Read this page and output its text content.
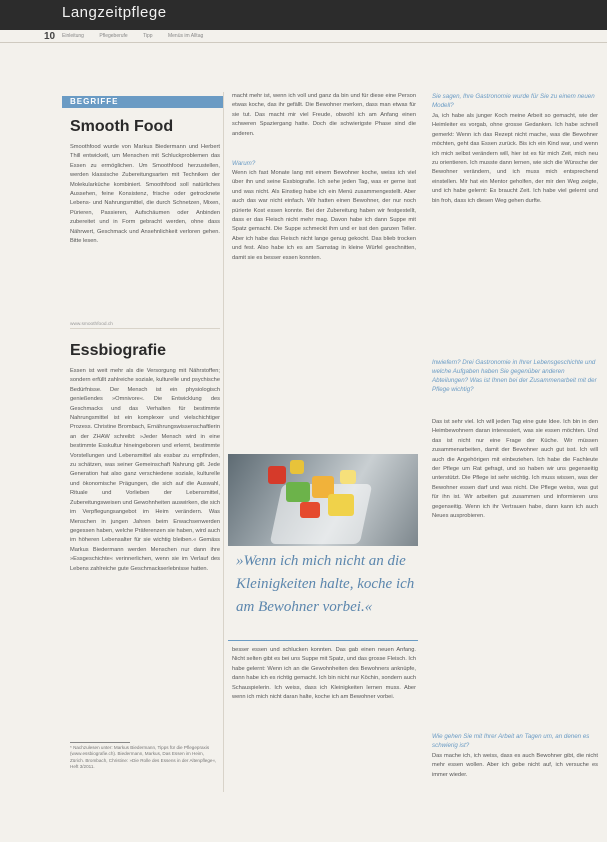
Langzeitpflege
10 Einleitung	Pflegeberufe	Tipp	Menüs im Alltag
BEGRIFFE
Smooth Food
Smoothfood wurde von Markus Biedermann und Herbert Thill entwickelt, um Menschen mit Schluckproblemen das Essen zu ermöglichen. Um Smoothfood herzustellen, werden klassische Zubereitungsarten mit Techniken der Molekularküche kombiniert. Smoothfood soll natürliches Aussehen, feine Konsistenz, frische oder getrocknete Lebens- und Nahrungsmittel, die durch Schnetzen, Mixen, Pürieren, Passieren, Aufschäumen oder Anbinden zubereitet und in Form gebracht werden, ohne dass Nährwert, Geschmack und Ansehnlichkeit verloren gehen. Bitte lesen.
www.smoothfood.ch
Essbiografie
Essen ist weit mehr als die Versorgung mit Nährstoffen; sondern erfüllt zahlreiche soziale, kulturelle und psychische Bedürfnisse. Der Mensch ist ein physiologisch genießendes »Omnivore«. Die Entwicklung des Geschmacks und das Verhalten für bestimmte Nahrungsmittel ist ein komplexer und vielschichtiger Prozess. Christine Brombach, Ernährungswissenschaftlerin an der ZHAW schreibt: »Jeder Mensch wird in eine bestimmte Esskultur hineingeboren und erlernt, bestimmte Vorstellungen und Lebensmittel als essbar zu empfinden, zu schätzen, was seiner Gemeinschaft Nahrung gilt. Jede Generation hat also ganz verschiedene soziale, kulturelle und ökonomische Prägungen, die sich auf die Auswahl, Rituale und Vorlieben der Lebensmittel, Zubereitungsweisen und Gewohnheiten auswirken, die sich im Verpflegungsangebot im Heim verändern. Was Menschen in jungen Jahren beim Erwachsenwerden gegessen haben, welche Präferenzen sie haben, wird auch im höheren Lebensalter für sie wichtig bleiben.« Gemäss Markus Biedermann werden Menschen nur dann ihre »Essgeschichte« verinnerlichen, wenn sie im Verlauf des Lebens zahlreiche gute Geschmackserlebnisse hatten.
* Nachzulesen unter: Markus Biedermann, Tipps für die Pflegepraxis (www.essbiografie.ch). Biedermann, Markus, Das Essen im Heim, Zürich. Brombach, Christine: »Die Rolle des Essens in der Altenpflege«, Heft 3/2011.
macht mehr ist, wenn ich voll und ganz da bin und für diese eine Person etwas koche, das ihr gefällt. Die Bewohner merken, dass man etwas für sie tut. Das macht mir viel Freude, obwohl ich am Anfang einen schweren Spaziergang hatte. Doch die schwierigste Phase sind die anderen.
Warum?
Wenn ich fast Monate lang mit einem Bewohner koche, weiss ich viel über ihn und seine Essbiografie. Ich sehe jeden Tag, was er gerne isst und was nicht. Als Einstieg habe ich ein Menü zusammengestellt. Aber auch das war nicht einfach. Wir hatten einen Bewohner, der nur noch pürierte Kost essen konnte. Bei der Zubereitung haben wir festgestellt, dass er das Fleisch nicht mehr mag. Davon habe ich dann Suppe mit Spatz gemacht. Die Suppe schmeckt ihm und er isst den ganzen Teller. Aber ich habe das Fleisch nicht lange genug gekocht. Das blieb trocken und fest. Also habe ich es am Samstag in kleine Würfel geschnitten, damit sie es besser essen konnten.
»Wenn ich mich nicht an die Kleinigkeiten halte, koche ich am Bewohner vorbei.«
besser essen und schlucken konnten. Das gab einen neuen Anfang. Nicht selten gibt es bei uns Suppe mit Spatz, und das grosse Fleisch. Ich habe gelernt: Wenn ich an die Gewohnheiten des Bewohners anknüpfe, dann habe ich es richtig gemacht. Ich bin nicht nur Köchin, sondern auch Schauspielerin. Ich weiss, dass ich Kleinigkeiten lernen muss. Aber wenn ich mich nicht daran halte, koche ich am Bewohner vorbei.
Sie sagen, Ihre Gastronomie wurde für Sie zu einem neuen Modell?
Ja, ich habe als junger Koch meine Arbeit so gemacht, wie der Heimleiter es vorgab, ohne grosse Gedanken. Ich habe schnell gemerkt: Wenn ich das Rezept nicht mache, was die Bewohner möchten, geht das Essen zurück. Bis ich ein Kind war, und wenn ich mich selbst verändern will, hier ist es für mich Zeit, mich neu zu orientieren. Ich musste dann lernen, wie sich die Wünsche der Bewohner verändern, und ich muss mich entsprechend einstellen. Mir hat ein Mentor geholfen, der mir den Weg zeigte, und ich habe gelernt: Es braucht Zeit. Ich habe viel gelernt und bin froh, dass ich diesen Weg gehen durfte.
Inwiefern? Drei Gastronomie in Ihrer Lebensgeschichte und welche Aufgaben haben Sie gegenüber anderen Abteilungen? Was ist Ihnen bei der Zusammenarbeit mit der Pflege wichtig?
Das ist sehr viel. Ich will jeden Tag eine gute Idee. Ich bin in den Heimbewohnern daran interessiert, was sie essen möchten. Und das ist nicht nur eine Frage der Küche. Wir müssen zusammenarbeiten, damit der Bewohner auch gut isst. Ich will auch die Angehörigen mit einbeziehen. Ich habe die Fachleute der Pflege um Rat gefragt, und so haben wir uns gegenseitig unterstützt. Die Pflege ist sehr wichtig. Ich muss wissen, was der Bewohner essen darf und was nicht. Die Pflege weiss, was gut für ihn ist. Wir arbeiten gut zusammen und informieren uns gegenseitig. Wenn ich ihr Vertrauen habe, dann kann ich auch Neues ausprobieren.
Wie gehen Sie mit Ihrer Arbeit an Tagen um, an denen es schwierig ist?
Das mache ich, ich weiss, dass es auch Bewohner gibt, die nicht mehr essen wollen. Aber ich gebe nicht auf, ich versuche es immer wieder.
